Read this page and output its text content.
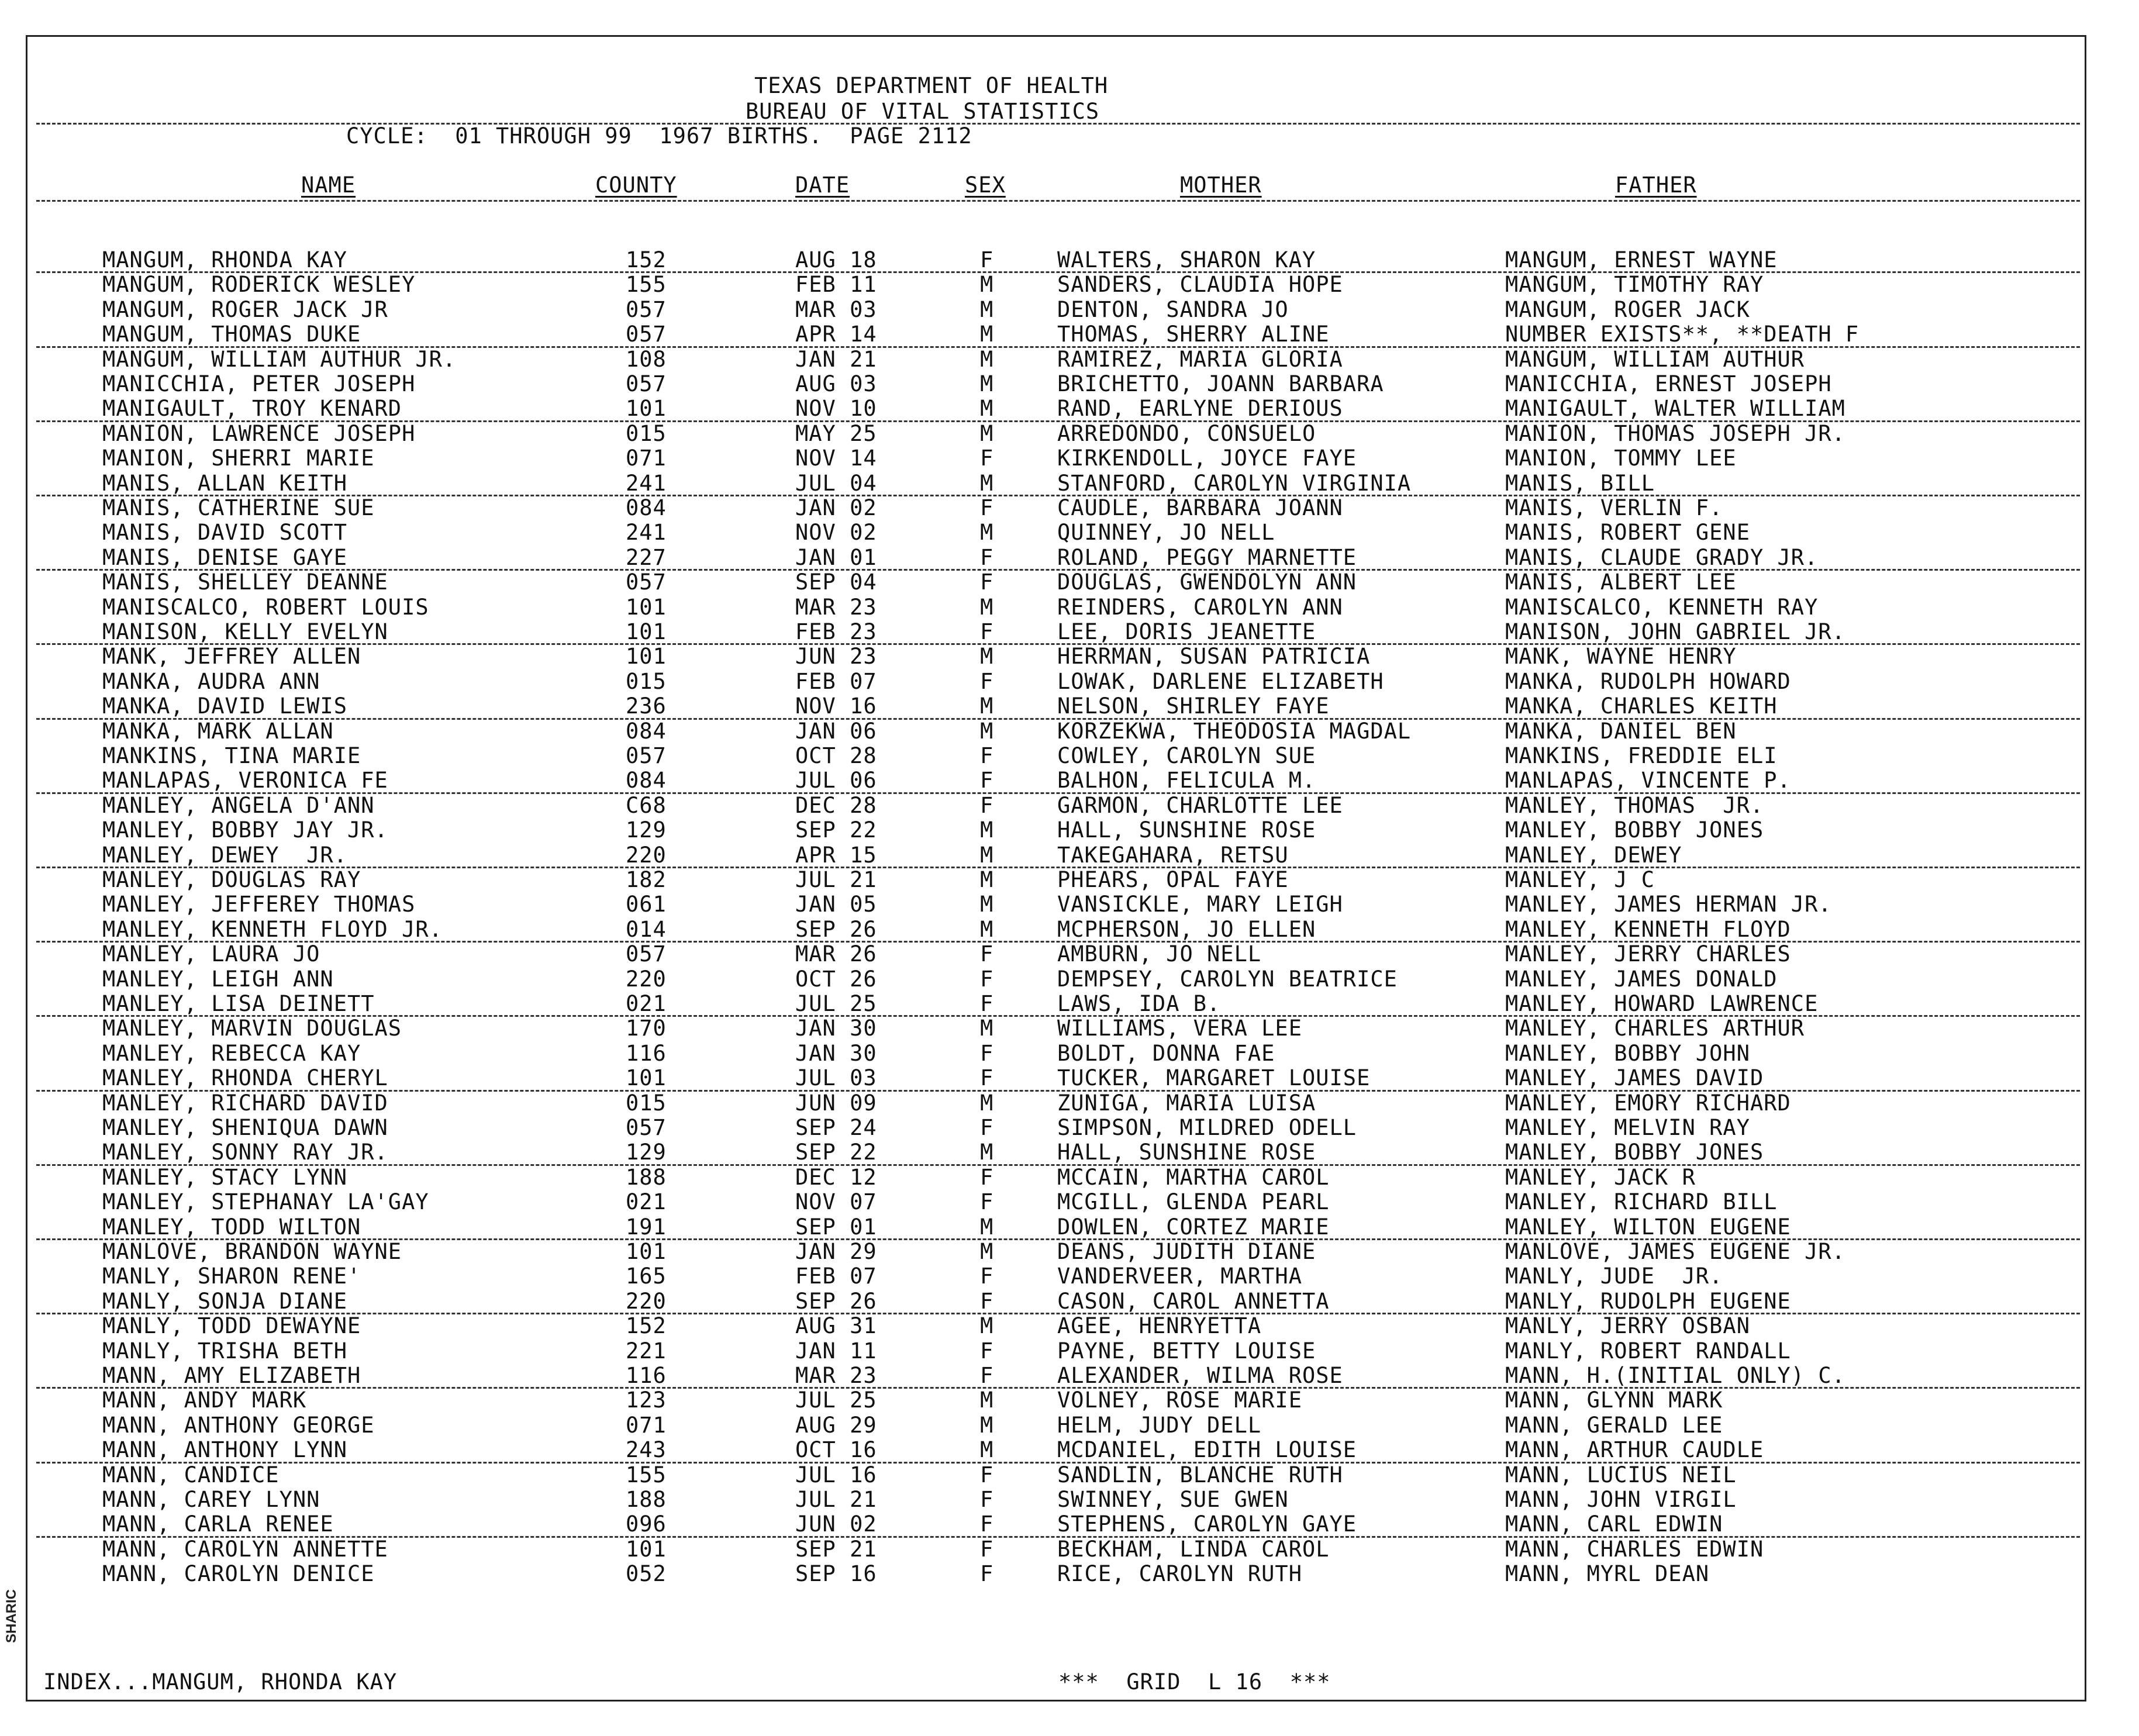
SHARIC
TEXAS DEPARTMENT OF HEALTH
BUREAU OF VITAL STATISTICS
CYCLE:  01 THROUGH 99  1967 BIRTHS.  PAGE 2112
NAME	COUNTY	DATE	SEX	MOTHER	FATHER
MANGUM, RHONDA KAY	152	AUG 18	F	WALTERS, SHARON KAY	MANGUM, ERNEST WAYNE
MANGUM, RODERICK WESLEY	155	FEB 11	M	SANDERS, CLAUDIA HOPE	MANGUM, TIMOTHY RAY
MANGUM, ROGER JACK JR	057	MAR 03	M	DENTON, SANDRA JO	MANGUM, ROGER JACK
MANGUM, THOMAS DUKE	057	APR 14	M	THOMAS, SHERRY ALINE	NUMBER EXISTS**, **DEATH F
MANGUM, WILLIAM AUTHUR JR.	108	JAN 21	M	RAMIREZ, MARIA GLORIA	MANGUM, WILLIAM AUTHUR
MANICCHIA, PETER JOSEPH	057	AUG 03	M	BRICHETTO, JOANN BARBARA	MANICCHIA, ERNEST JOSEPH
MANIGAULT, TROY KENARD	101	NOV 10	M	RAND, EARLYNE DERIOUS	MANIGAULT, WALTER WILLIAM
MANION, LAWRENCE JOSEPH	015	MAY 25	M	ARREDONDO, CONSUELO	MANION, THOMAS JOSEPH JR.
MANION, SHERRI MARIE	071	NOV 14	F	KIRKENDOLL, JOYCE FAYE	MANION, TOMMY LEE
MANIS, ALLAN KEITH	241	JUL 04	M	STANFORD, CAROLYN VIRGINIA	MANIS, BILL
MANIS, CATHERINE SUE	084	JAN 02	F	CAUDLE, BARBARA JOANN	MANIS, VERLIN F.
MANIS, DAVID SCOTT	241	NOV 02	M	QUINNEY, JO NELL	MANIS, ROBERT GENE
MANIS, DENISE GAYE	227	JAN 01	F	ROLAND, PEGGY MARNETTE	MANIS, CLAUDE GRADY JR.
MANIS, SHELLEY DEANNE	057	SEP 04	F	DOUGLAS, GWENDOLYN ANN	MANIS, ALBERT LEE
MANISCALCO, ROBERT LOUIS	101	MAR 23	M	REINDERS, CAROLYN ANN	MANISCALCO, KENNETH RAY
MANISON, KELLY EVELYN	101	FEB 23	F	LEE, DORIS JEANETTE	MANISON, JOHN GABRIEL JR.
MANK, JEFFREY ALLEN	101	JUN 23	M	HERRMAN, SUSAN PATRICIA	MANK, WAYNE HENRY
MANKA, AUDRA ANN	015	FEB 07	F	LOWAK, DARLENE ELIZABETH	MANKA, RUDOLPH HOWARD
MANKA, DAVID LEWIS	236	NOV 16	M	NELSON, SHIRLEY FAYE	MANKA, CHARLES KEITH
MANKA, MARK ALLAN	084	JAN 06	M	KORZEKWA, THEODOSIA MAGDAL	MANKA, DANIEL BEN
MANKINS, TINA MARIE	057	OCT 28	F	COWLEY, CAROLYN SUE	MANKINS, FREDDIE ELI
MANLAPAS, VERONICA FE	084	JUL 06	F	BALHON, FELICULA M.	MANLAPAS, VINCENTE P.
MANLEY, ANGELA D'ANN	C68	DEC 28	F	GARMON, CHARLOTTE LEE	MANLEY, THOMAS  JR.
MANLEY, BOBBY JAY JR.	129	SEP 22	M	HALL, SUNSHINE ROSE	MANLEY, BOBBY JONES
MANLEY, DEWEY  JR.	220	APR 15	M	TAKEGAHARA, RETSU	MANLEY, DEWEY
MANLEY, DOUGLAS RAY	182	JUL 21	M	PHEARS, OPAL FAYE	MANLEY, J C
MANLEY, JEFFEREY THOMAS	061	JAN 05	M	VANSICKLE, MARY LEIGH	MANLEY, JAMES HERMAN JR.
MANLEY, KENNETH FLOYD JR.	014	SEP 26	M	MCPHERSON, JO ELLEN	MANLEY, KENNETH FLOYD
MANLEY, LAURA JO	057	MAR 26	F	AMBURN, JO NELL	MANLEY, JERRY CHARLES
MANLEY, LEIGH ANN	220	OCT 26	F	DEMPSEY, CAROLYN BEATRICE	MANLEY, JAMES DONALD
MANLEY, LISA DEINETT	021	JUL 25	F	LAWS, IDA B.	MANLEY, HOWARD LAWRENCE
MANLEY, MARVIN DOUGLAS	170	JAN 30	M	WILLIAMS, VERA LEE	MANLEY, CHARLES ARTHUR
MANLEY, REBECCA KAY	116	JAN 30	F	BOLDT, DONNA FAE	MANLEY, BOBBY JOHN
MANLEY, RHONDA CHERYL	101	JUL 03	F	TUCKER, MARGARET LOUISE	MANLEY, JAMES DAVID
MANLEY, RICHARD DAVID	015	JUN 09	M	ZUNIGA, MARIA LUISA	MANLEY, EMORY RICHARD
MANLEY, SHENIQUA DAWN	057	SEP 24	F	SIMPSON, MILDRED ODELL	MANLEY, MELVIN RAY
MANLEY, SONNY RAY JR.	129	SEP 22	M	HALL, SUNSHINE ROSE	MANLEY, BOBBY JONES
MANLEY, STACY LYNN	188	DEC 12	F	MCCAIN, MARTHA CAROL	MANLEY, JACK R
MANLEY, STEPHANAY LA'GAY	021	NOV 07	F	MCGILL, GLENDA PEARL	MANLEY, RICHARD BILL
MANLEY, TODD WILTON	191	SEP 01	M	DOWLEN, CORTEZ MARIE	MANLEY, WILTON EUGENE
MANLOVE, BRANDON WAYNE	101	JAN 29	M	DEANS, JUDITH DIANE	MANLOVE, JAMES EUGENE JR.
MANLY, SHARON RENE'	165	FEB 07	F	VANDERVEER, MARTHA	MANLY, JUDE  JR.
MANLY, SONJA DIANE	220	SEP 26	F	CASON, CAROL ANNETTA	MANLY, RUDOLPH EUGENE
MANLY, TODD DEWAYNE	152	AUG 31	M	AGEE, HENRYETTA	MANLY, JERRY OSBAN
MANLY, TRISHA BETH	221	JAN 11	F	PAYNE, BETTY LOUISE	MANLY, ROBERT RANDALL
MANN, AMY ELIZABETH	116	MAR 23	F	ALEXANDER, WILMA ROSE	MANN, H.(INITIAL ONLY) C.
MANN, ANDY MARK	123	JUL 25	M	VOLNEY, ROSE MARIE	MANN, GLYNN MARK
MANN, ANTHONY GEORGE	071	AUG 29	M	HELM, JUDY DELL	MANN, GERALD LEE
MANN, ANTHONY LYNN	243	OCT 16	M	MCDANIEL, EDITH LOUISE	MANN, ARTHUR CAUDLE
MANN, CANDICE	155	JUL 16	F	SANDLIN, BLANCHE RUTH	MANN, LUCIUS NEIL
MANN, CAREY LYNN	188	JUL 21	F	SWINNEY, SUE GWEN	MANN, JOHN VIRGIL
MANN, CARLA RENEE	096	JUN 02	F	STEPHENS, CAROLYN GAYE	MANN, CARL EDWIN
MANN, CAROLYN ANNETTE	101	SEP 21	F	BECKHAM, LINDA CAROL	MANN, CHARLES EDWIN
MANN, CAROLYN DENICE	052	SEP 16	F	RICE, CAROLYN RUTH	MANN, MYRL DEAN
INDEX...MANGUM, RHONDA KAY	***  GRID  L 16  ***
